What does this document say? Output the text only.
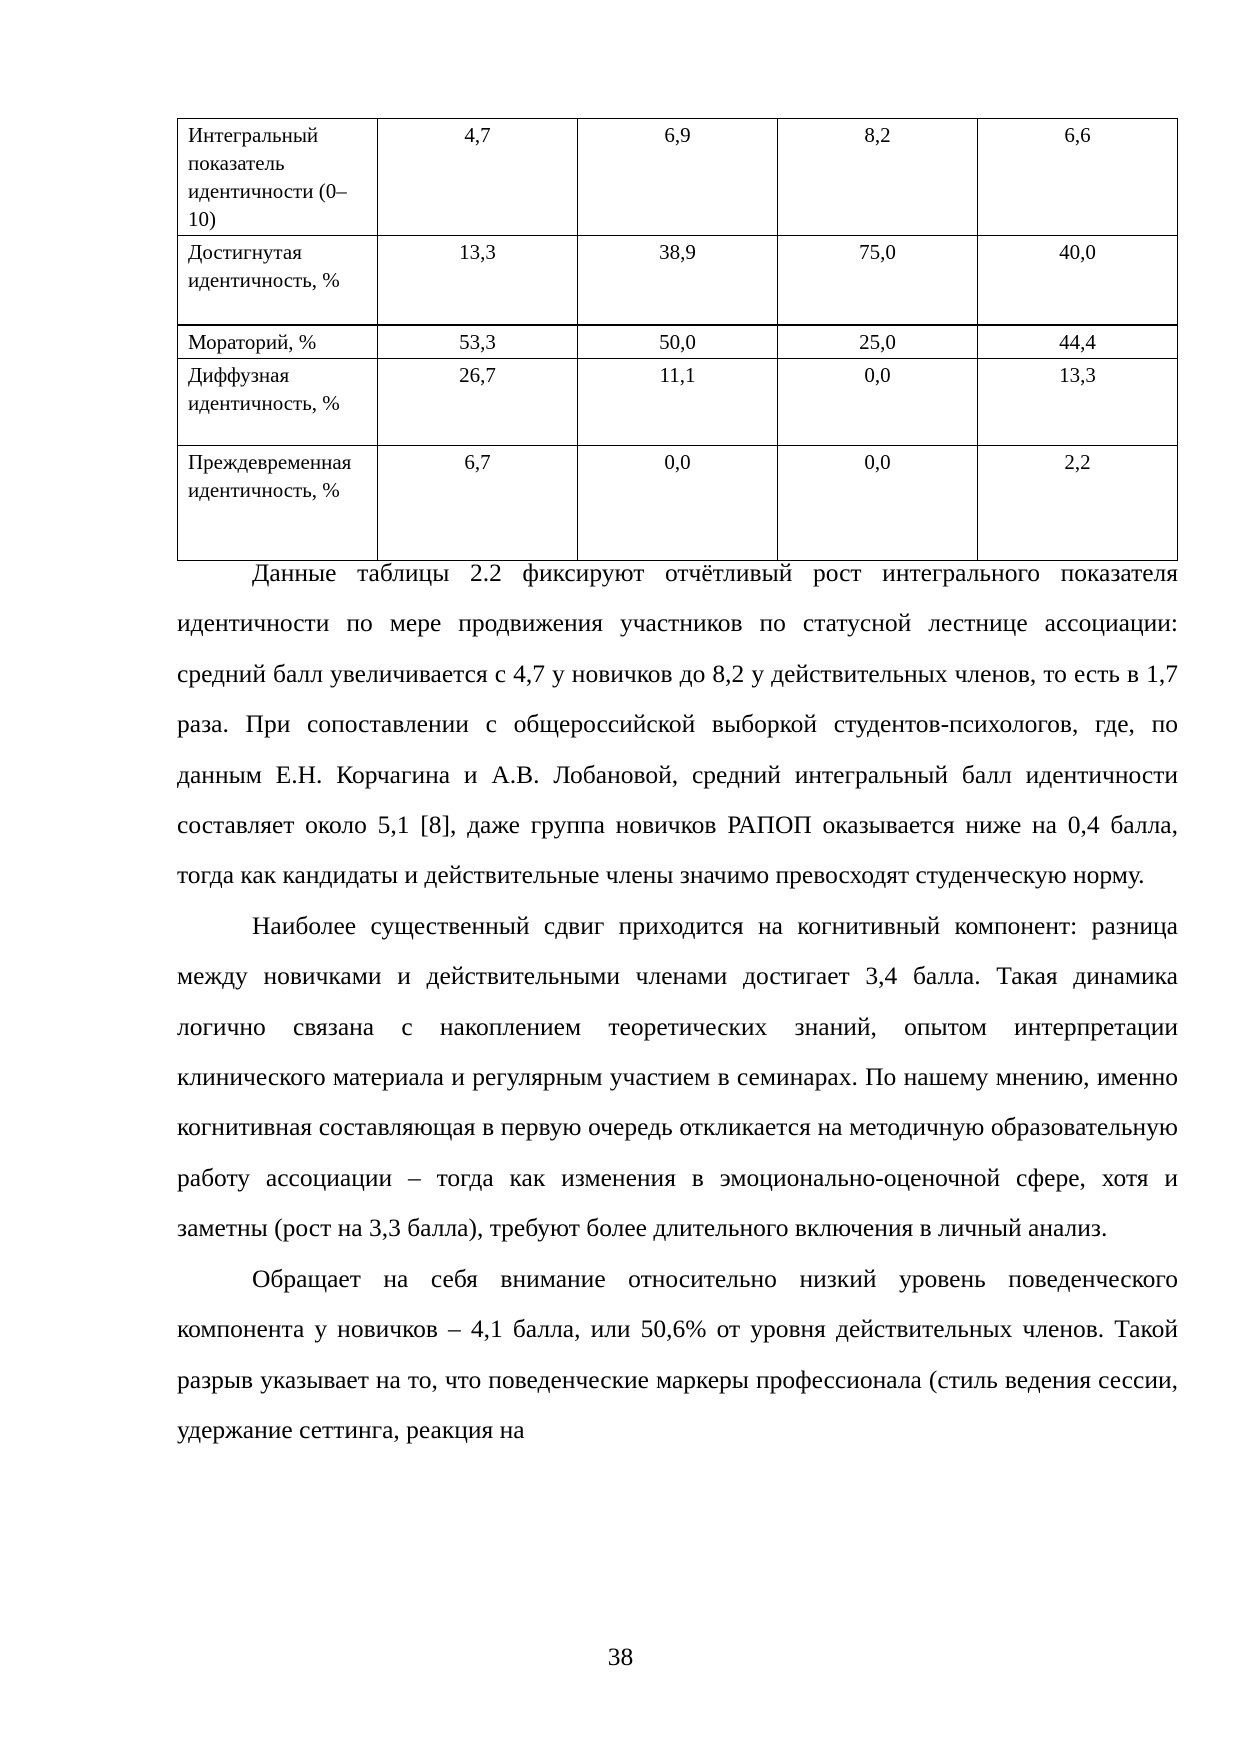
Интегральный показатель идентичности (0–10)	4,7	6,9	8,2	6,6
Достигнутая идентичность, %	13,3	38,9	75,0	40,0
Мораторий, %	53,3	50,0	25,0	44,4
Диффузная идентичность, %	26,7	11,1	0,0	13,3
Преждевременная идентичность, %	6,7	0,0	0,0	2,2

Данные таблицы 2.2 фиксируют отчётливый рост интегрального показателя идентичности по мере продвижения участников по статусной лестнице ассоциации: средний балл увеличивается с 4,7 у новичков до 8,2 у действительных членов, то есть в 1,7 раза. При сопоставлении с общероссийской выборкой студентов-психологов, где, по данным Е.Н. Корчагина и А.В. Лобановой, средний интегральный балл идентичности составляет около 5,1 [8], даже группа новичков РАПОП оказывается ниже на 0,4 балла, тогда как кандидаты и действительные члены значимо превосходят студенческую норму.

Наиболее существенный сдвиг приходится на когнитивный компонент: разница между новичками и действительными членами достигает 3,4 балла. Такая динамика логично связана с накоплением теоретических знаний, опытом интерпретации клинического материала и регулярным участием в семинарах. По нашему мнению, именно когнитивная составляющая в первую очередь откликается на методичную образовательную работу ассоциации – тогда как изменения в эмоционально-оценочной сфере, хотя и заметны (рост на 3,3 балла), требуют более длительного включения в личный анализ.

Обращает на себя внимание относительно низкий уровень поведенческого компонента у новичков – 4,1 балла, или 50,6% от уровня действительных членов. Такой разрыв указывает на то, что поведенческие маркеры профессионала (стиль ведения сессии, удержание сеттинга, реакция на

38
